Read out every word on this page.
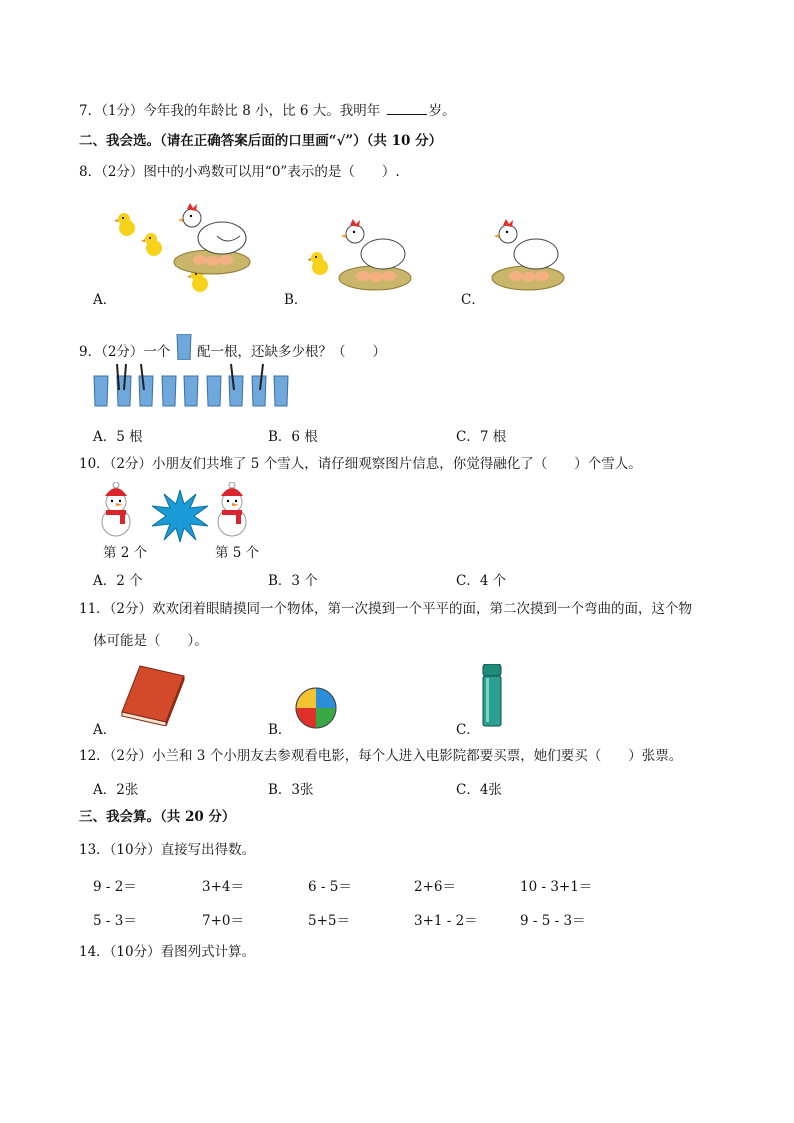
7．（1分）今年我的年龄比 8 小，比 6 大。我明年	岁。
二、我会选。（请在正确答案后面的口里画“√”）（共 10 分）
8．（2分）图中的小鸡数可以用“0”表示的是（　　）.
A．	B．	C．
9．（2分）一个 配一根，还缺多少根？（　　）
A．5 根	B．6 根	C．7 根
10．（2分）小朋友们共堆了 5 个雪人，请仔细观察图片信息，你觉得融化了（　　）个雪人。
第 2 个	第 5 个
A．2 个	B．3 个	C．4 个
11．（2分）欢欢闭着眼睛摸同一个物体，第一次摸到一个平平的面，第二次摸到一个弯曲的面，这个物
体可能是（　　）。
A．	B．	C．
12．（2分）小兰和 3 个小朋友去参观看电影，每个人进入电影院都要买票，她们要买（　　）张票。
A．2张	B．3张	C．4张
三、我会算。（共 20 分）
13．（10分）直接写出得数。
9 - 2＝	3+4＝	6 - 5＝	2+6＝	10 - 3+1＝
5 - 3＝	7+0＝	5+5＝	3+1 - 2＝	9 - 5 - 3＝
14．（10分）看图列式计算。
